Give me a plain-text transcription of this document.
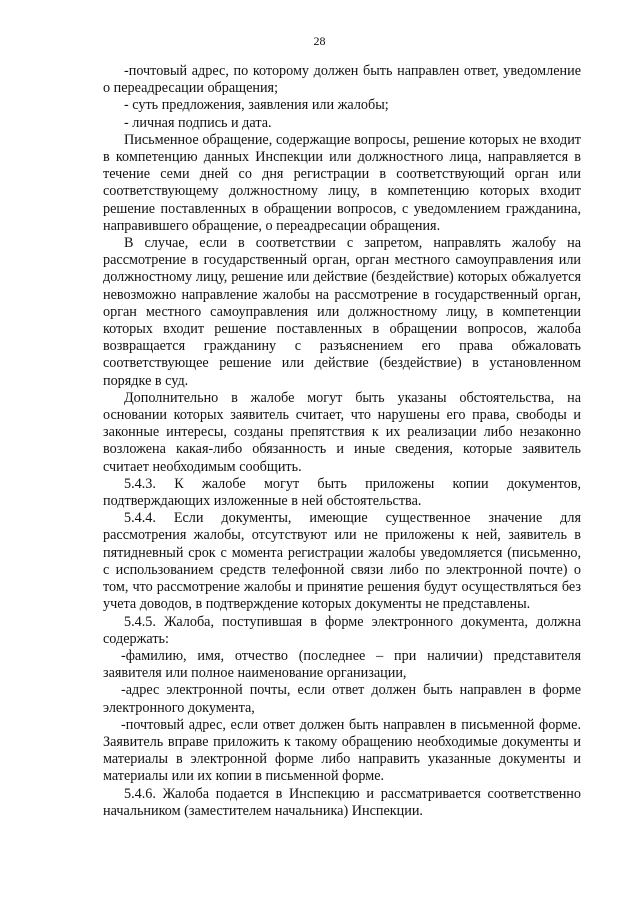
28

-почтовый адрес, по которому должен быть направлен ответ, уведомление о переадресации обращения;

- суть предложения, заявления или жалобы;

- личная подпись и дата.

Письменное обращение, содержащие вопросы, решение которых не входит в компетенцию данных Инспекции или должностного лица, направляется в течение семи дней со дня регистрации в соответствующий орган или соответствующему должностному лицу, в компетенцию которых входит решение поставленных в обращении вопросов, с уведомлением гражданина, направившего обращение, о переадресации обращения.

В случае, если в соответствии с запретом, направлять жалобу на рассмотрение в государственный орган, орган местного самоуправления или должностному лицу, решение или действие (бездействие) которых обжалуется невозможно направление жалобы на рассмотрение в государственный орган, орган местного самоуправления или должностному лицу, в компетенции которых входит решение поставленных в обращении вопросов, жалоба возвращается гражданину с разъяснением его права обжаловать соответствующее решение или действие (бездействие) в установленном порядке в суд.

Дополнительно в жалобе могут быть указаны обстоятельства, на основании которых заявитель считает, что нарушены его права, свободы и законные интересы, созданы препятствия к их реализации либо незаконно возложена какая-либо обязанность и иные сведения, которые заявитель считает необходимым сообщить.

5.4.3. К жалобе могут быть приложены копии документов, подтверждающих изложенные в ней обстоятельства.

5.4.4. Если документы, имеющие существенное значение для рассмотрения жалобы, отсутствуют или не приложены к ней, заявитель в пятидневный срок с момента регистрации жалобы уведомляется (письменно, с использованием средств телефонной связи либо по электронной почте) о том, что рассмотрение жалобы и принятие решения будут осуществляться без учета доводов, в подтверждение которых документы не представлены.

5.4.5. Жалоба, поступившая в форме электронного документа, должна содержать:

-фамилию, имя, отчество (последнее – при наличии) представителя заявителя или полное наименование организации,

-адрес электронной почты, если ответ должен быть направлен в форме электронного документа,

-почтовый адрес, если ответ должен быть направлен в письменной форме. Заявитель вправе приложить к такому обращению необходимые документы и материалы в электронной форме либо направить указанные документы и материалы или их копии в письменной форме.

5.4.6. Жалоба подается в Инспекцию и рассматривается соответственно начальником (заместителем начальника) Инспекции.
